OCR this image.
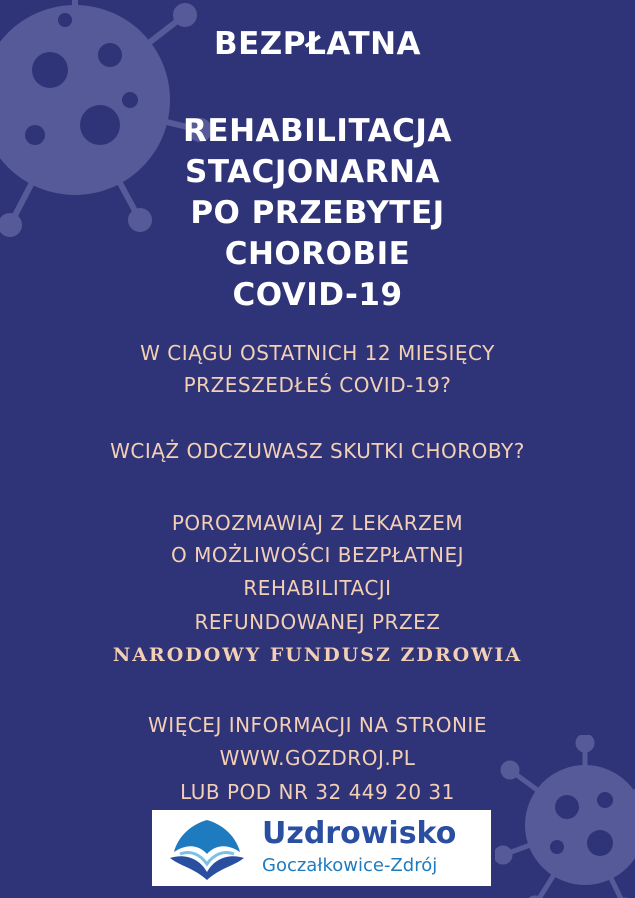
BEZPŁATNA
REHABILITACJA
STACJONARNA
PO PRZEBYTEJ
CHOROBIE
COVID-19
W CIĄGU OSTATNICH 12 MIESIĘCY
PRZESZEDŁEŚ COVID-19?
WCIĄŻ ODCZUWASZ SKUTKI CHOROBY?
POROZMAWIAJ Z LEKARZEM
O MOŻLIWOŚCI BEZPŁATNEJ
REHABILITACJI
REFUNDOWANEJ PRZEZ
NARODOWY FUNDUSZ ZDROWIA
WIĘCEJ INFORMACJI NA STRONIE
WWW.GOZDROJ.PL
LUB POD NR 32 449 20 31
Uzdrowisko
Goczałkowice-Zdrój
